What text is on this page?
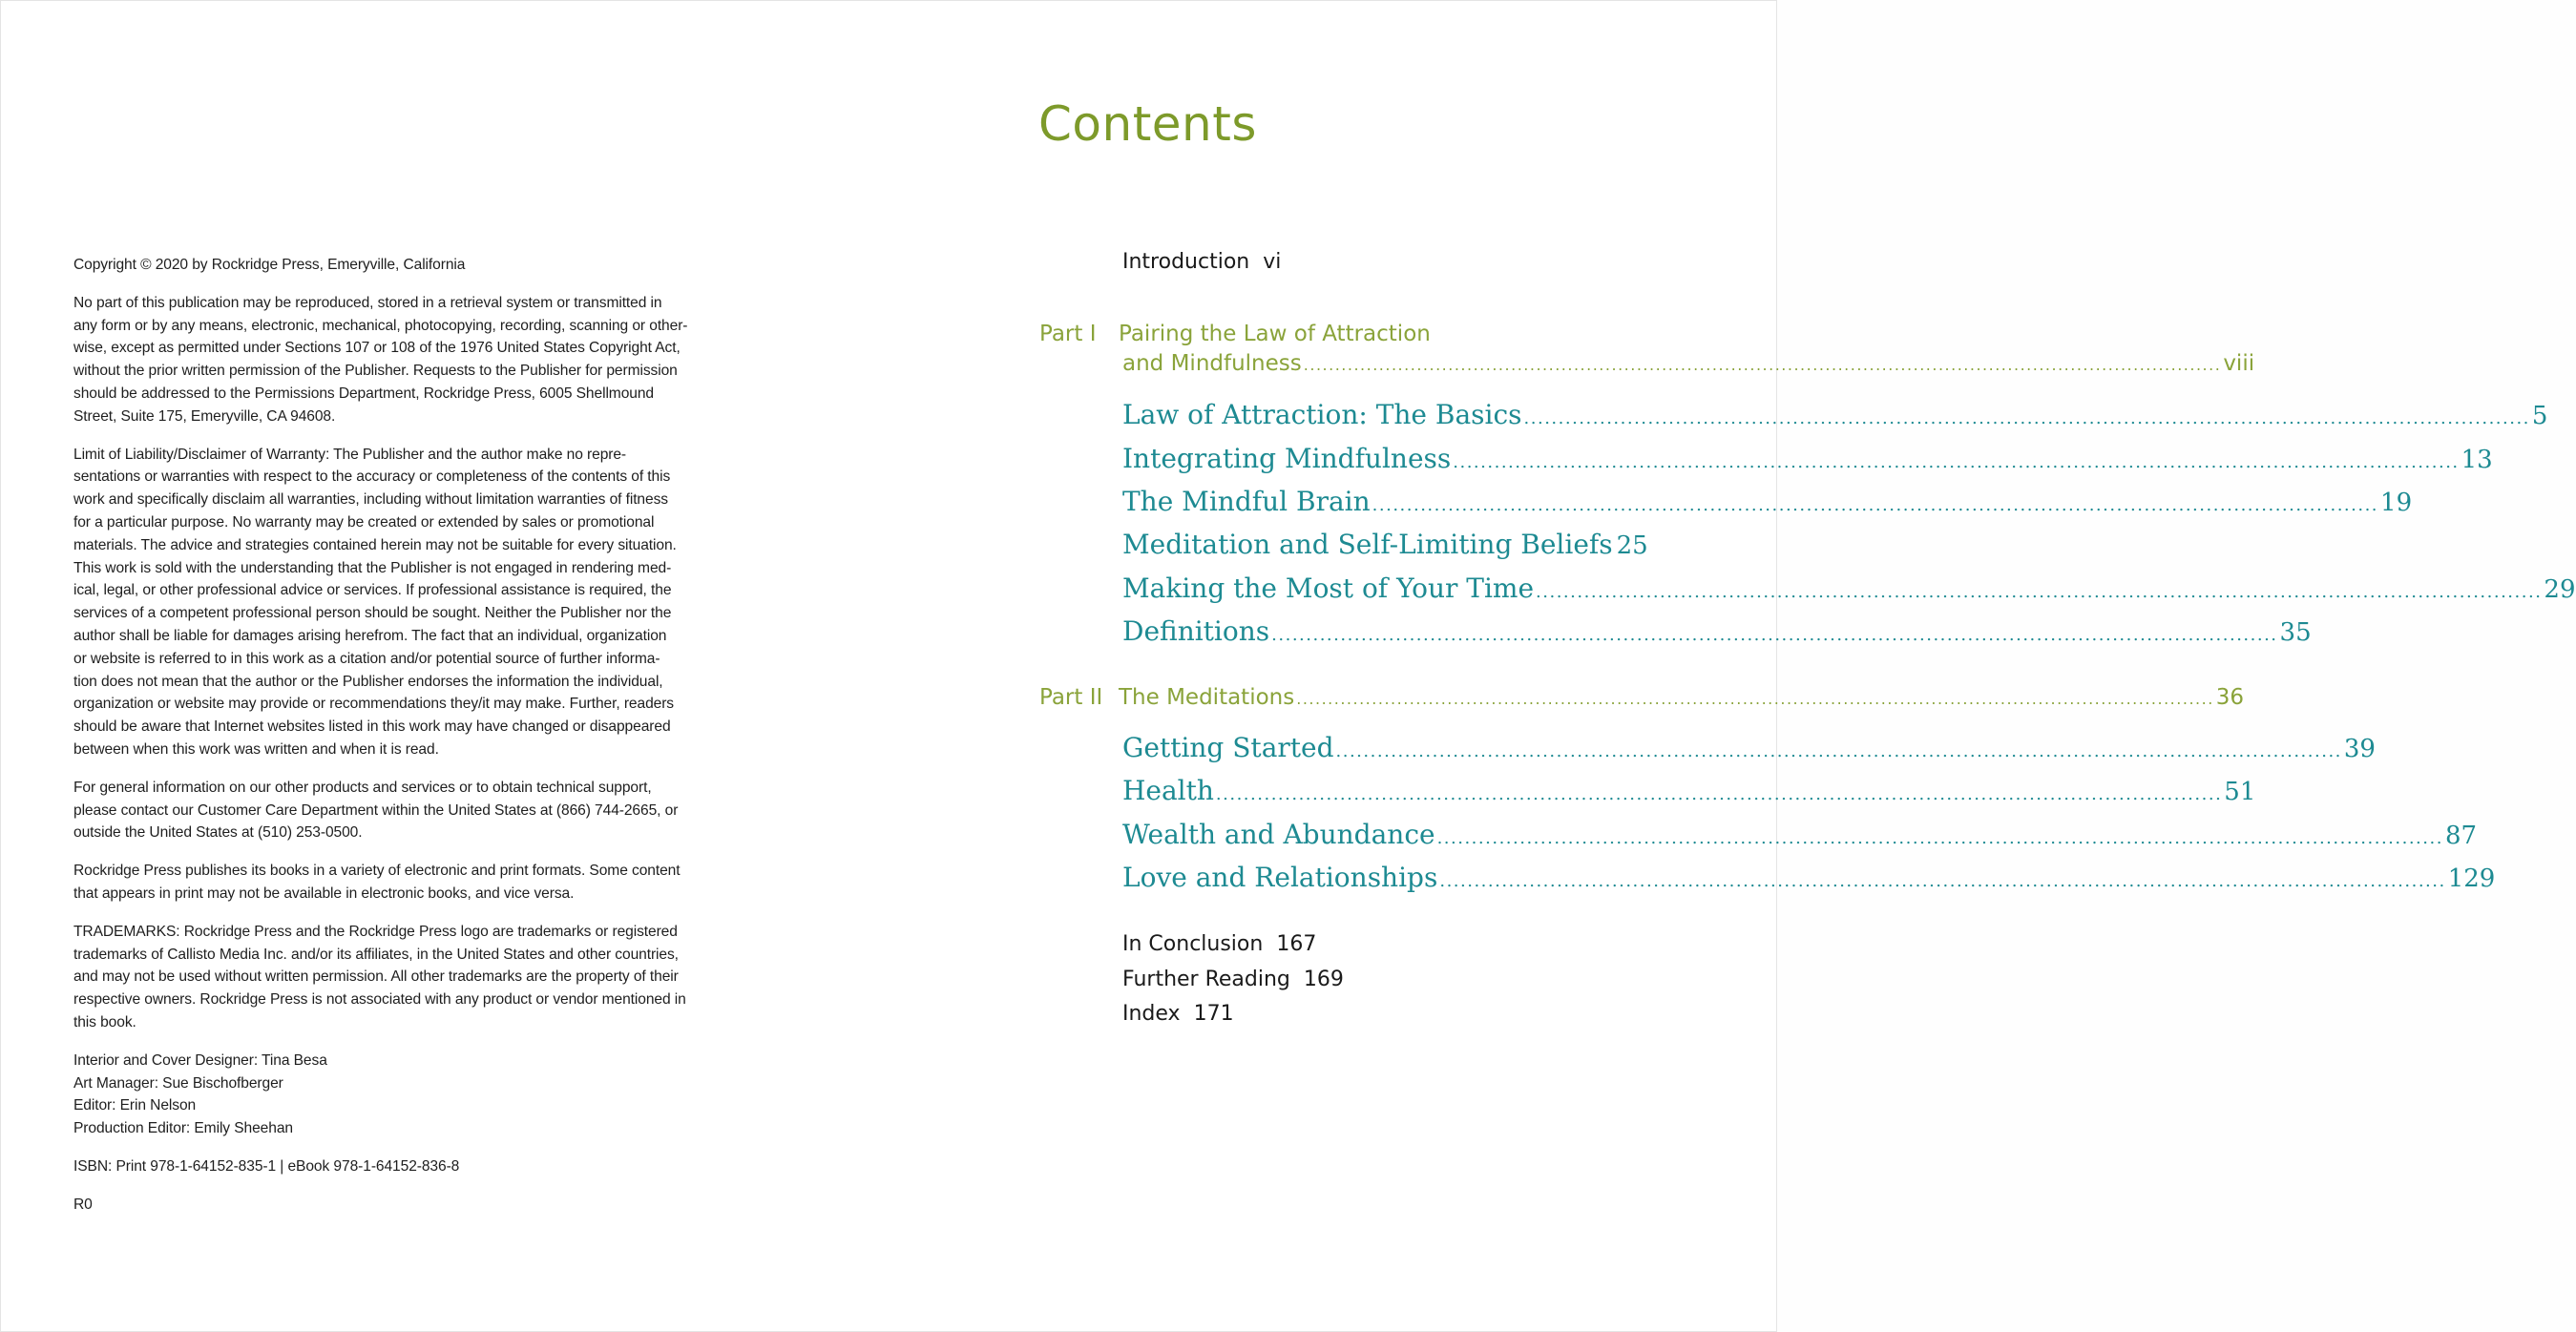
Copyright © 2020 by Rockridge Press, Emeryville, California

No part of this publication may be reproduced, stored in a retrieval system or transmitted in
any form or by any means, electronic, mechanical, photocopying, recording, scanning or other-
wise, except as permitted under Sections 107 or 108 of the 1976 United States Copyright Act,
without the prior written permission of the Publisher. Requests to the Publisher for permission
should be addressed to the Permissions Department, Rockridge Press, 6005 Shellmound
Street, Suite 175, Emeryville, CA 94608.

Limit of Liability/Disclaimer of Warranty: The Publisher and the author make no repre-
sentations or warranties with respect to the accuracy or completeness of the contents of this
work and specifically disclaim all warranties, including without limitation warranties of fitness
for a particular purpose. No warranty may be created or extended by sales or promotional
materials. The advice and strategies contained herein may not be suitable for every situation.
This work is sold with the understanding that the Publisher is not engaged in rendering med-
ical, legal, or other professional advice or services. If professional assistance is required, the
services of a competent professional person should be sought. Neither the Publisher nor the
author shall be liable for damages arising herefrom. The fact that an individual, organization
or website is referred to in this work as a citation and/or potential source of further informa-
tion does not mean that the author or the Publisher endorses the information the individual,
organization or website may provide or recommendations they/it may make. Further, readers
should be aware that Internet websites listed in this work may have changed or disappeared
between when this work was written and when it is read.

For general information on our other products and services or to obtain technical support,
please contact our Customer Care Department within the United States at (866) 744-2665, or
outside the United States at (510) 253-0500.

Rockridge Press publishes its books in a variety of electronic and print formats. Some content
that appears in print may not be available in electronic books, and vice versa.

TRADEMARKS: Rockridge Press and the Rockridge Press logo are trademarks or registered
trademarks of Callisto Media Inc. and/or its affiliates, in the United States and other countries,
and may not be used without written permission. All other trademarks are the property of their
respective owners. Rockridge Press is not associated with any product or vendor mentioned in
this book.

Interior and Cover Designer: Tina Besa
Art Manager: Sue Bischofberger
Editor: Erin Nelson
Production Editor: Emily Sheehan

ISBN: Print 978-1-64152-835-1 | eBook 978-1-64152-836-8

R0

Contents
Introduction vi
Part I Pairing the Law of Attraction
and Mindfulness .....	viii
Law of Attraction: The Basics .....	5
Integrating Mindfulness .....	13
The Mindful Brain .....	19
Meditation and Self-Limiting Beliefs 25
Making the Most of Your Time .....	29
Definitions .....	35
Part II The Meditations .....	36
Getting Started .....	39
Health .....	51
Wealth and Abundance .....	87
Love and Relationships .....	129
In Conclusion 167
Further Reading 169
Index 171
